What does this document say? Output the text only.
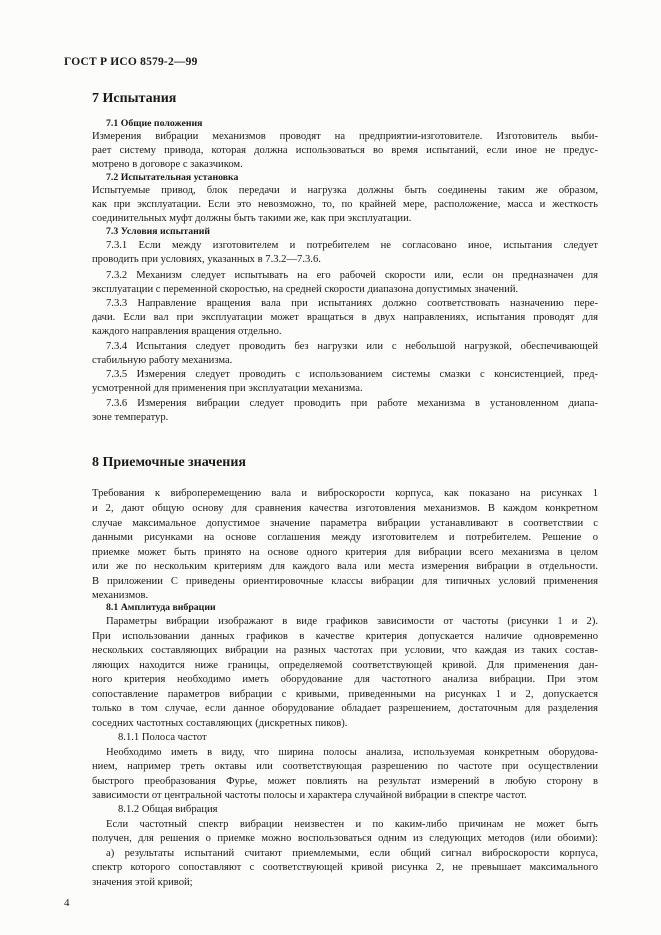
ГОСТ Р ИСО 8579-2—99
7 Испытания
7.1 Общие положения
Измерения вибрации механизмов проводят на предприятии-изготовителе. Изготовитель выби-
рает систему привода, которая должна использоваться во время испытаний, если иное не предус-
мотрено в договоре с заказчиком.
7.2 Испытательная установка
Испытуемые привод, блок передачи и нагрузка должны быть соединены таким же образом,
как при эксплуатации. Если это невозможно, то, по крайней мере, расположение, масса и жесткость
соединительных муфт должны быть такими же, как при эксплуатации.
7.3 Условия испытаний
7.3.1 Если между изготовителем и потребителем не согласовано иное, испытания следует
проводить при условиях, указанных в 7.3.2—7.3.6.
7.3.2 Механизм следует испытывать на его рабочей скорости или, если он предназначен для
эксплуатации с переменной скоростью, на средней скорости диапазона допустимых значений.
7.3.3 Направление вращения вала при испытаниях должно соответствовать назначению пере-
дачи. Если вал при эксплуатации может вращаться в двух направлениях, испытания проводят для
каждого направления вращения отдельно.
7.3.4 Испытания следует проводить без нагрузки или с небольшой нагрузкой, обеспечивающей
стабильную работу механизма.
7.3.5 Измерения следует проводить с использованием системы смазки с консистенцией, пред-
усмотренной для применения при эксплуатации механизма.
7.3.6 Измерения вибрации следует проводить при работе механизма в установленном диапа-
зоне температур.
8 Приемочные значения
Требования к виброперемещению вала и виброскорости корпуса, как показано на рисунках 1
и 2, дают общую основу для сравнения качества изготовления механизмов. В каждом конкретном
случае максимальное допустимое значение параметра вибрации устанавливают в соответствии с
данными рисунками на основе соглашения между изготовителем и потребителем. Решение о
приемке может быть принято на основе одного критерия для вибрации всего механизма в целом
или же по нескольким критериям для каждого вала или места измерения вибрации в отдельности.
В приложении С приведены ориентировочные классы вибрации для типичных условий применения
механизмов.
8.1 Амплитуда вибрации
Параметры вибрации изображают в виде графиков зависимости от частоты (рисунки 1 и 2).
При использовании данных графиков в качестве критерия допускается наличие одновременно
нескольких составляющих вибрации на разных частотах при условии, что каждая из таких состав-
ляющих находится ниже границы, определяемой соответствующей кривой. Для применения дан-
ного критерия необходимо иметь оборудование для частотного анализа вибрации. При этом
сопоставление параметров вибрации с кривыми, приведенными на рисунках 1 и 2, допускается
только в том случае, если данное оборудование обладает разрешением, достаточным для разделения
соседних частотных составляющих (дискретных пиков).
8.1.1 Полоса частот
Необходимо иметь в виду, что ширина полосы анализа, используемая конкретным оборудова-
нием, например треть октавы или соответствующая разрешению по частоте при осуществлении
быстрого преобразования Фурье, может повлиять на результат измерений в любую сторону в
зависимости от центральной частоты полосы и характера случайной вибрации в спектре частот.
8.1.2 Общая вибрация
Если частотный спектр вибрации неизвестен и по каким-либо причинам не может быть
получен, для решения о приемке можно воспользоваться одним из следующих методов (или обоими):
а) результаты испытаний считают приемлемыми, если общий сигнал виброскорости корпуса,
спектр которого сопоставляют с соответствующей кривой рисунка 2, не превышает максимального
значения этой кривой;
4
